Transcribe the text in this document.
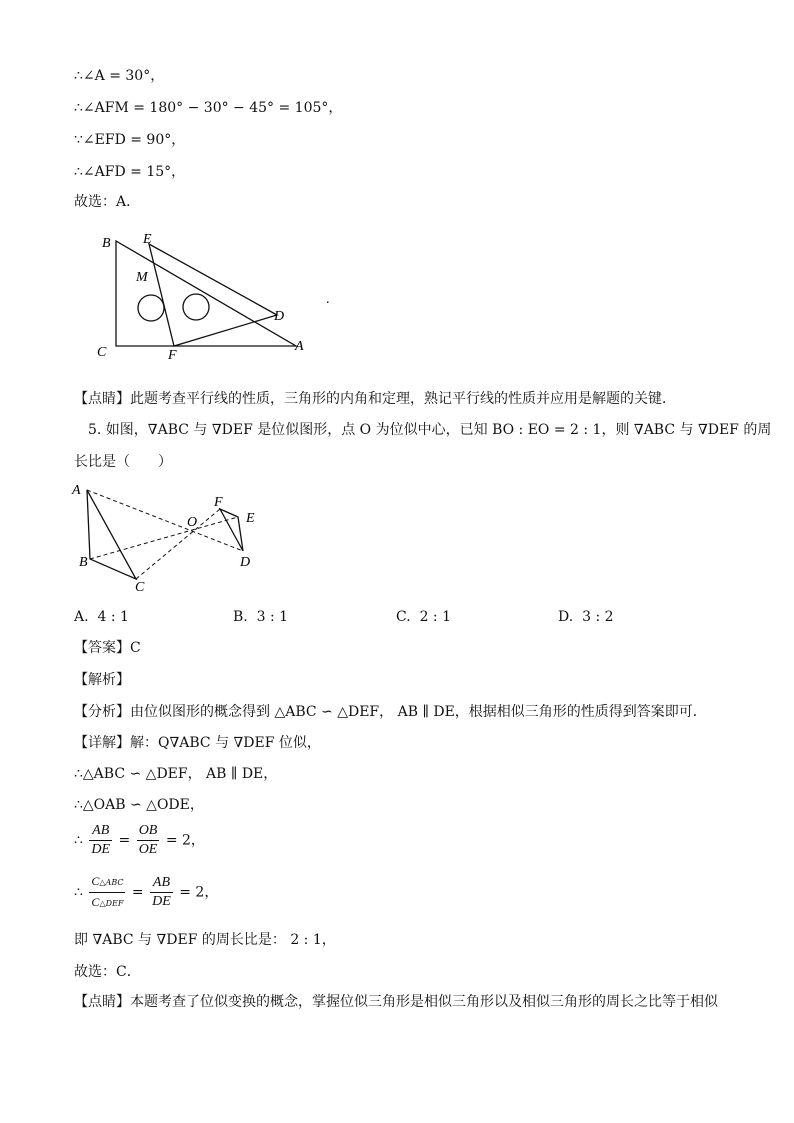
∴∠A = 30°，
∴∠AFM = 180° − 30° − 45° = 105°，
∵∠EFD = 90°，
∴∠AFD = 15°，
故选：A．
B E
M
D
C	F
A
.
【点睛】此题考查平行线的性质，三角形的内角和定理，熟记平行线的性质并应用是解题的关键．
5. 如图，∇ABC 与 ∇DEF 是位似图形，点 O 为位似中心，已知 BO : EO = 2 : 1，则 ∇ABC 与 ∇DEF 的周
长比是（　　）
A
B
C
O
F
E
D
A. 4 : 1	B. 3 : 1	C. 2 : 1	D. 3 : 2
【答案】C
【解析】
【分析】由位似图形的概念得到 △ABC ∽ △DEF， AB ∥ DE，根据相似三角形的性质得到答案即可．
【详解】解：Q∇ABC 与 ∇DEF 位似，
∴△ABC ∽ △DEF， AB ∥ DE，
∴△OAB ∽ △ODE，
∴ $\frac{AB}{DE} = \frac{OB}{OE} = 2$，
∴ $\frac{\text{C△ABC}}{\text{C△DEF}} = \frac{AB}{DE} = 2$，
即 ∇ABC 与 ∇DEF 的周长比是： 2 : 1，
故选：C．
【点睛】本题考查了位似变换的概念，掌握位似三角形是相似三角形以及相似三角形的周长之比等于相似
